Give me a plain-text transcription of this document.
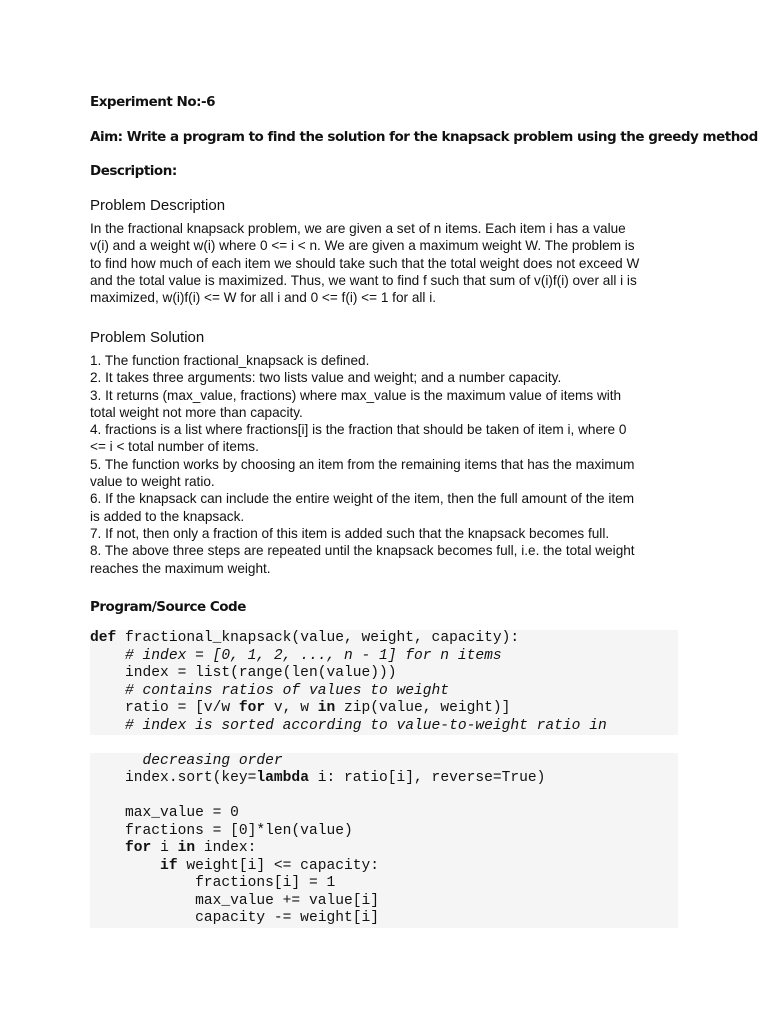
Experiment No:-6
Aim: Write a program to find the solution for the knapsack problem using the greedy method
Description:
Problem Description
In the fractional knapsack problem, we are given a set of n items. Each item i has a value
v(i) and a weight w(i) where 0 <= i < n. We are given a maximum weight W. The problem is
to find how much of each item we should take such that the total weight does not exceed W
and the total value is maximized. Thus, we want to find f such that sum of v(i)f(i) over all i is
maximized, w(i)f(i) <= W for all i and 0 <= f(i) <= 1 for all i.
Problem Solution
1. The function fractional_knapsack is defined.
2. It takes three arguments: two lists value and weight; and a number capacity.
3. It returns (max_value, fractions) where max_value is the maximum value of items with
total weight not more than capacity.
4. fractions is a list where fractions[i] is the fraction that should be taken of item i, where 0
<= i < total number of items.
5. The function works by choosing an item from the remaining items that has the maximum
value to weight ratio.
6. If the knapsack can include the entire weight of the item, then the full amount of the item
is added to the knapsack.
7. If not, then only a fraction of this item is added such that the knapsack becomes full.
8. The above three steps are repeated until the knapsack becomes full, i.e. the total weight
reaches the maximum weight.
Program/Source Code
def fractional_knapsack(value, weight, capacity):
# index = [0, 1, 2, ..., n - 1] for n items
index = list(range(len(value)))
# contains ratios of values to weight
ratio = [v/w for v, w in zip(value, weight)]
# index is sorted according to value-to-weight ratio in
decreasing order
index.sort(key=lambda i: ratio[i], reverse=True)
max_value = 0
fractions = [0]*len(value)
for i in index:
if weight[i] <= capacity:
fractions[i] = 1
max_value += value[i]
capacity -= weight[i]
